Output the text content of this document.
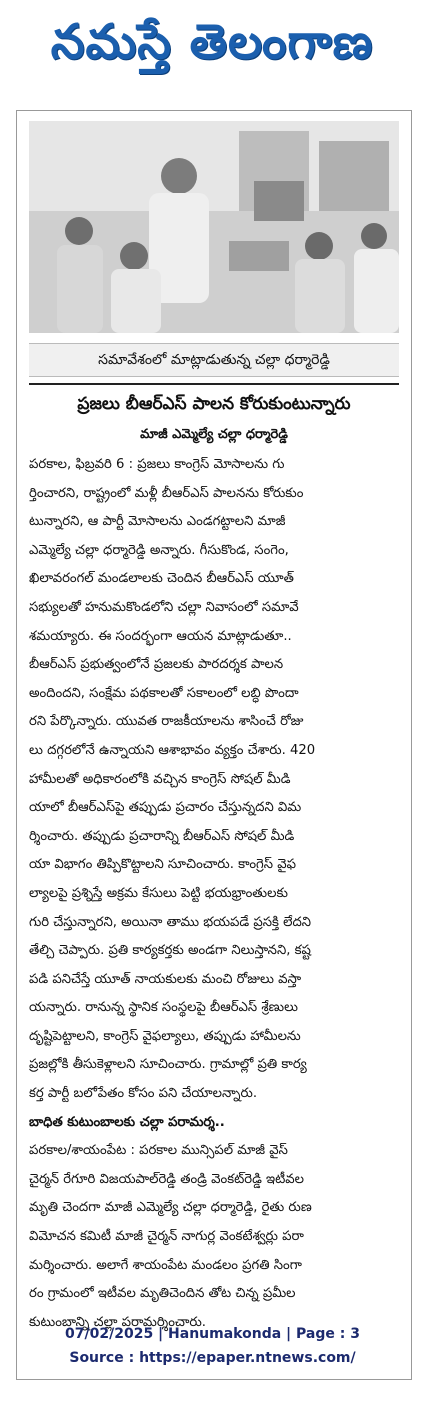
నమస్తే తెలంగాణ
సమావేశంలో మాట్లాడుతున్న చల్లా ధర్మారెడ్డి
ప్రజలు బీఆర్ఎస్ పాలన కోరుకుంటున్నారు
మాజీ ఎమ్మెల్యే చల్లా ధర్మారెడ్డి
పరకాల, ఫిబ్రవరి 6 : ప్రజలు కాంగ్రెస్ మోసాలను గు
ర్తించారని, రాష్ట్రంలో మళ్లీ బీఆర్ఎస్ పాలనను కోరుకుం
టున్నారని, ఆ పార్టీ మోసాలను ఎండగట్టాలని మాజీ
ఎమ్మెల్యే చల్లా ధర్మారెడ్డి అన్నారు. గీసుకొండ, సంగెం,
ఖిలావరంగల్ మండలాలకు చెందిన బీఆర్ఎస్ యూత్
సభ్యులతో హనుమకొండలోని చల్లా నివాసంలో సమావే
శమయ్యారు. ఈ సందర్భంగా ఆయన మాట్లాడుతూ..
బీఆర్ఎస్ ప్రభుత్వంలోనే ప్రజలకు పారదర్శక పాలన
అందిందని, సంక్షేమ పథకాలతో సకాలంలో లబ్ధి పొందా
రని పేర్కొన్నారు. యువత రాజకీయాలను శాసించే రోజు
లు దగ్గరలోనే ఉన్నాయని ఆశాభావం వ్యక్తం చేశారు. 420
హామీలతో అధికారంలోకి వచ్చిన కాంగ్రెస్ సోషల్ మీడి
యాలో బీఆర్ఎస్‌పై తప్పుడు ప్రచారం చేస్తున్నదని విమ
ర్శించారు. తప్పుడు ప్రచారాన్ని బీఆర్ఎస్ సోషల్ మీడి
యా విభాగం తిప్పికొట్టాలని సూచించారు. కాంగ్రెస్ వైఫ
ల్యాలపై ప్రశ్నిస్తే అక్రమ కేసులు పెట్టి భయభ్రాంతులకు
గురి చేస్తున్నారని, అయినా తాము భయపడే ప్రసక్తి లేదని
తేల్చి చెప్పారు. ప్రతి కార్యకర్తకు అండగా నిలుస్తానని, కష్ట
పడి పనిచేస్తే యూత్ నాయకులకు మంచి రోజులు వస్తా
యన్నారు. రానున్న స్థానిక సంస్థలపై బీఆర్ఎస్ శ్రేణులు
దృష్టిపెట్టాలని, కాంగ్రెస్ వైఫల్యాలు, తప్పుడు హామీలను
ప్రజల్లోకి తీసుకెళ్లాలని సూచించారు. గ్రామాల్లో ప్రతి కార్య
కర్త పార్టీ బలోపేతం కోసం పని చేయాలన్నారు.
బాధిత కుటుంబాలకు చల్లా పరామర్శ..
పరకాల/శాయంపేట : పరకాల మున్సిపల్ మాజీ వైస్
చైర్మన్ రేగూరి విజయపాల్‌రెడ్డి తండ్రి వెంకట్‌రెడ్డి ఇటీవల
మృతి చెందగా మాజీ ఎమ్మెల్యే చల్లా ధర్మారెడ్డి, రైతు రుణ
విమోచన కమిటీ మాజీ చైర్మన్ నాగుర్ల వెంకటేశ్వర్లు పరా
మర్శించారు. అలాగే శాయంపేట మండలం ప్రగతి సింగా
రం గ్రామంలో ఇటీవల మృతిచెందిన తోట చిన్న ప్రమీల
కుటుంబాన్ని చల్లా పరామర్శించారు.
07/02/2025 | Hanumakonda | Page : 3
Source : https://epaper.ntnews.com/
